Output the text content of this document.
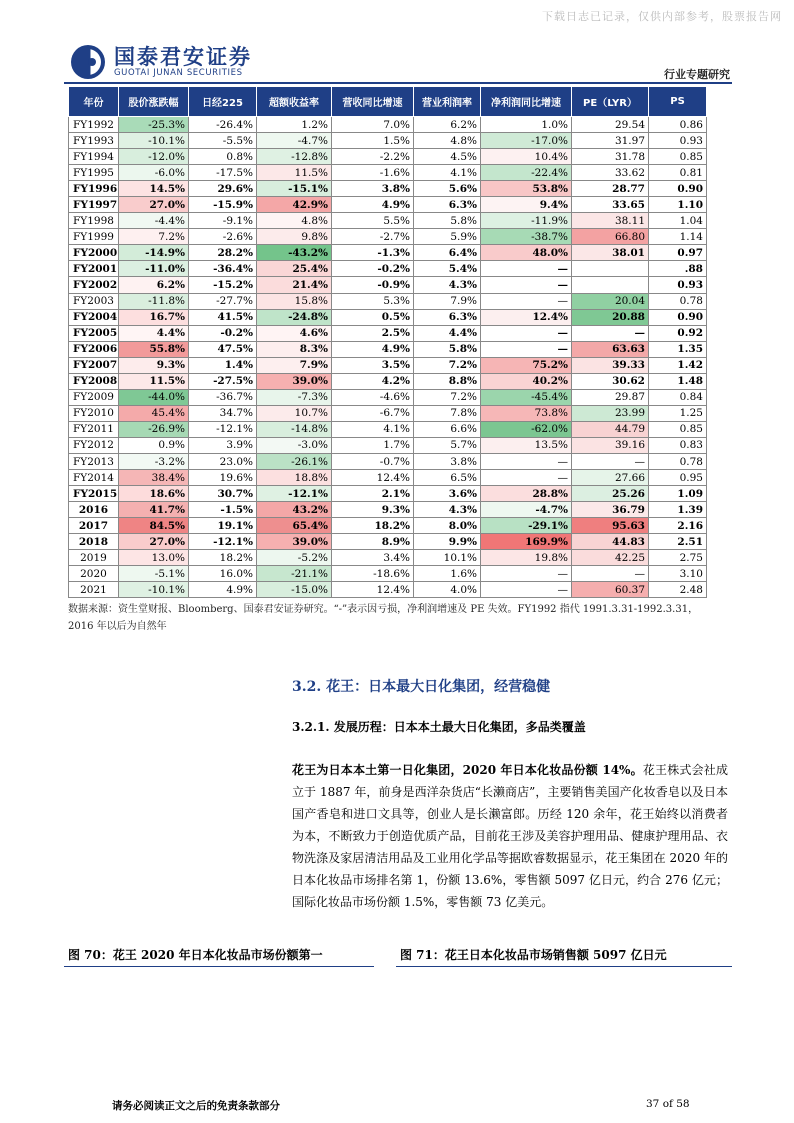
下载日志已记录，仅供内部参考，股票报告网
国泰君安证券
GUOTAI JUNAN SECURITIES	行业专题研究
年份	股价涨跌幅	日经225	超额收益率	营收同比增速	营业利润率	净利润同比增速	PE（LYR）	PS
FY1992	-25.3%	-26.4%	1.2%	7.0%	6.2%	1.0%	29.54	0.86
FY1993	-10.1%	-5.5%	-4.7%	1.5%	4.8%	-17.0%	31.97	0.93
FY1994	-12.0%	0.8%	-12.8%	-2.2%	4.5%	10.4%	31.78	0.85
FY1995	-6.0%	-17.5%	11.5%	-1.6%	4.1%	-22.4%	33.62	0.81
FY1996	14.5%	29.6%	-15.1%	3.8%	5.6%	53.8%	28.77	0.90
FY1997	27.0%	-15.9%	42.9%	4.9%	6.3%	9.4%	33.65	1.10
FY1998	-4.4%	-9.1%	4.8%	5.5%	5.8%	-11.9%	38.11	1.04
FY1999	7.2%	-2.6%	9.8%	-2.7%	5.9%	-38.7%	66.80	1.14
FY2000	-14.9%	28.2%	-43.2%	-1.3%	6.4%	48.0%	38.01	0.97
FY2001	-11.0%	-36.4%	25.4%	-0.2%	5.4%	—		.88
FY2002	6.2%	-15.2%	21.4%	-0.9%	4.3%	—		0.93
FY2003	-11.8%	-27.7%	15.8%	5.3%	7.9%	—	20.04	0.78
FY2004	16.7%	41.5%	-24.8%	0.5%	6.3%	12.4%	20.88	0.90
FY2005	4.4%	-0.2%	4.6%	2.5%	4.4%	—	—	0.92
FY2006	55.8%	47.5%	8.3%	4.9%	5.8%	—	63.63	1.35
FY2007	9.3%	1.4%	7.9%	3.5%	7.2%	75.2%	39.33	1.42
FY2008	11.5%	-27.5%	39.0%	4.2%	8.8%	40.2%	30.62	1.48
FY2009	-44.0%	-36.7%	-7.3%	-4.6%	7.2%	-45.4%	29.87	0.84
FY2010	45.4%	34.7%	10.7%	-6.7%	7.8%	73.8%	23.99	1.25
FY2011	-26.9%	-12.1%	-14.8%	4.1%	6.6%	-62.0%	44.79	0.85
FY2012	0.9%	3.9%	-3.0%	1.7%	5.7%	13.5%	39.16	0.83
FY2013	-3.2%	23.0%	-26.1%	-0.7%	3.8%	—	—	0.78
FY2014	38.4%	19.6%	18.8%	12.4%	6.5%	—	27.66	0.95
FY2015	18.6%	30.7%	-12.1%	2.1%	3.6%	28.8%	25.26	1.09
2016	41.7%	-1.5%	43.2%	9.3%	4.3%	-4.7%	36.79	1.39
2017	84.5%	19.1%	65.4%	18.2%	8.0%	-29.1%	95.63	2.16
2018	27.0%	-12.1%	39.0%	8.9%	9.9%	169.9%	44.83	2.51
2019	13.0%	18.2%	-5.2%	3.4%	10.1%	19.8%	42.25	2.75
2020	-5.1%	16.0%	-21.1%	-18.6%	1.6%	—	—	3.10
2021	-10.1%	4.9%	-15.0%	12.4%	4.0%	—	60.37	2.48
数据来源：资生堂财报、Bloomberg、国泰君安证券研究。“-”表示因亏损，净利润增速及 PE 失效。FY1992 指代 1991.3.31-1992.3.31，2016 年以后为自然年
3.2. 花王：日本最大日化集团，经营稳健
3.2.1. 发展历程：日本本土最大日化集团，多品类覆盖
花王为日本本土第一日化集团，2020 年日本化妆品份额 14%。花王株式会社成立于 1887 年，前身是西洋杂货店“长濑商店”，主要销售美国产化妆香皂以及日本国产香皂和进口文具等，创业人是长濑富郎。历经 120 余年，花王始终以消费者为本，不断致力于创造优质产品，目前花王涉及美容护理用品、健康护理用品、衣物洗涤及家居清洁用品及工业用化学品等据欧睿数据显示，花王集团在 2020 年的日本化妆品市场排名第 1，份额 13.6%，零售额 5097 亿日元，约合 276 亿元；国际化妆品市场份额 1.5%，零售额 73 亿美元。
图 70：花王 2020 年日本化妆品市场份额第一	图 71：花王日本化妆品市场销售额 5097 亿日元
请务必阅读正文之后的免责条款部分	37 of 58
